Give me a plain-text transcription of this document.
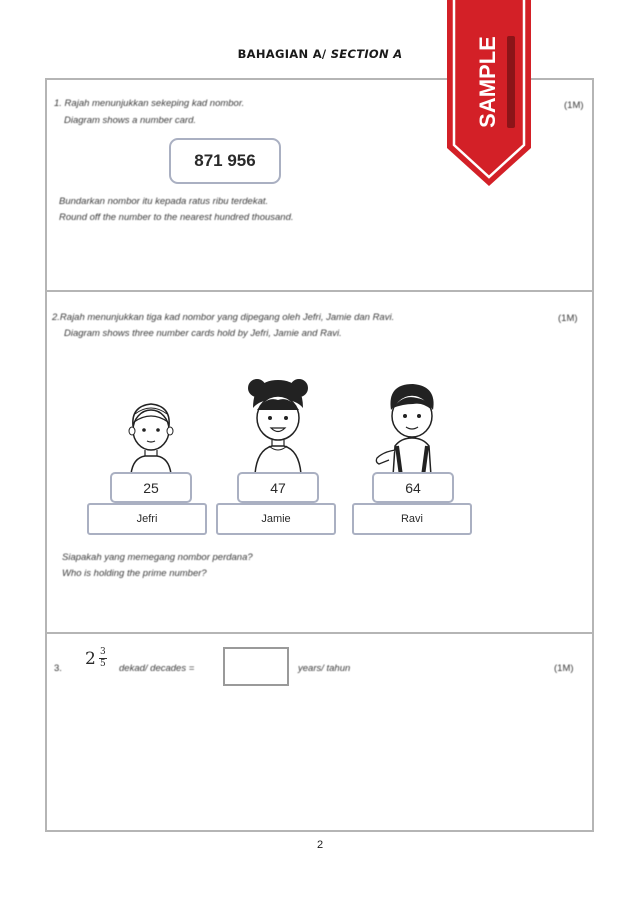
BAHAGIAN A/ SECTION A
1. Rajah menunjukkan sekeping kad nombor.
Diagram shows a number card.
(1M)
871 956
Bundarkan nombor itu kepada ratus ribu terdekat.
Round off the number to the nearest hundred thousand.
2.Rajah menunjukkan tiga kad nombor yang dipegang oleh Jefri, Jamie dan Ravi.
Diagram shows three number cards hold by Jefri, Jamie and Ravi.
(1M)
25
Jefri
47
Jamie
64
Ravi
Siapakah yang memegang nombor perdana?
Who is holding the prime number?
3. $2 \frac{3}{5}$ dekad/ decades =	years/ tahun	(1M)
2
SAMPLE
